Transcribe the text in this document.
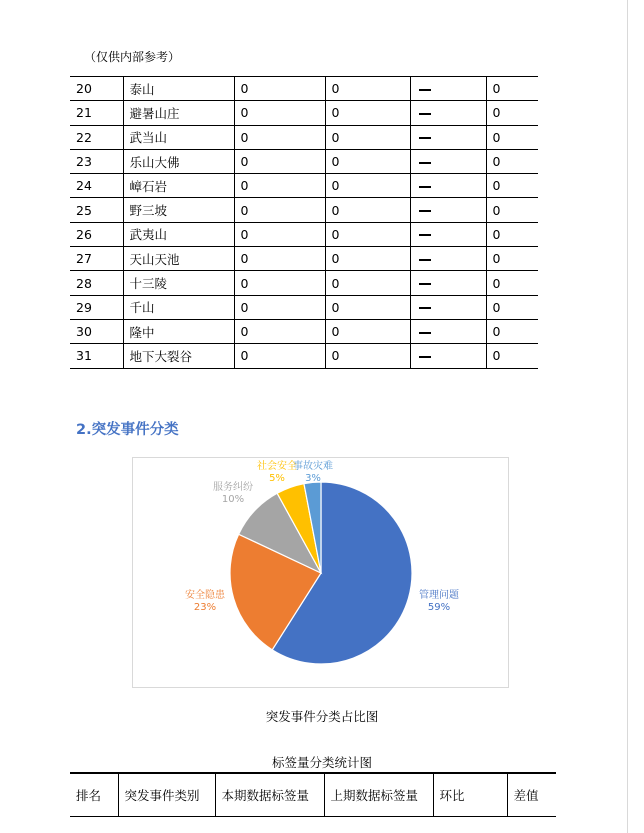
（仅供内部参考）
20	泰山	0	0		0
21	避暑山庄	0	0		0
22	武当山	0	0		0
23	乐山大佛	0	0		0
24	嶂石岩	0	0		0
25	野三坡	0	0		0
26	武夷山	0	0		0
27	天山天池	0	0		0
28	十三陵	0	0		0
29	千山	0	0		0
30	隆中	0	0		0
31	地下大裂谷	0	0		0
2.突发事件分类
管理问题
59%
安全隐患
23%
服务纠纷
10%
社会安全
5%
事故灾难
3%
突发事件分类占比图
标签量分类统计图
排名	突发事件类别	本期数据标签量	上期数据标签量	环比	差值
